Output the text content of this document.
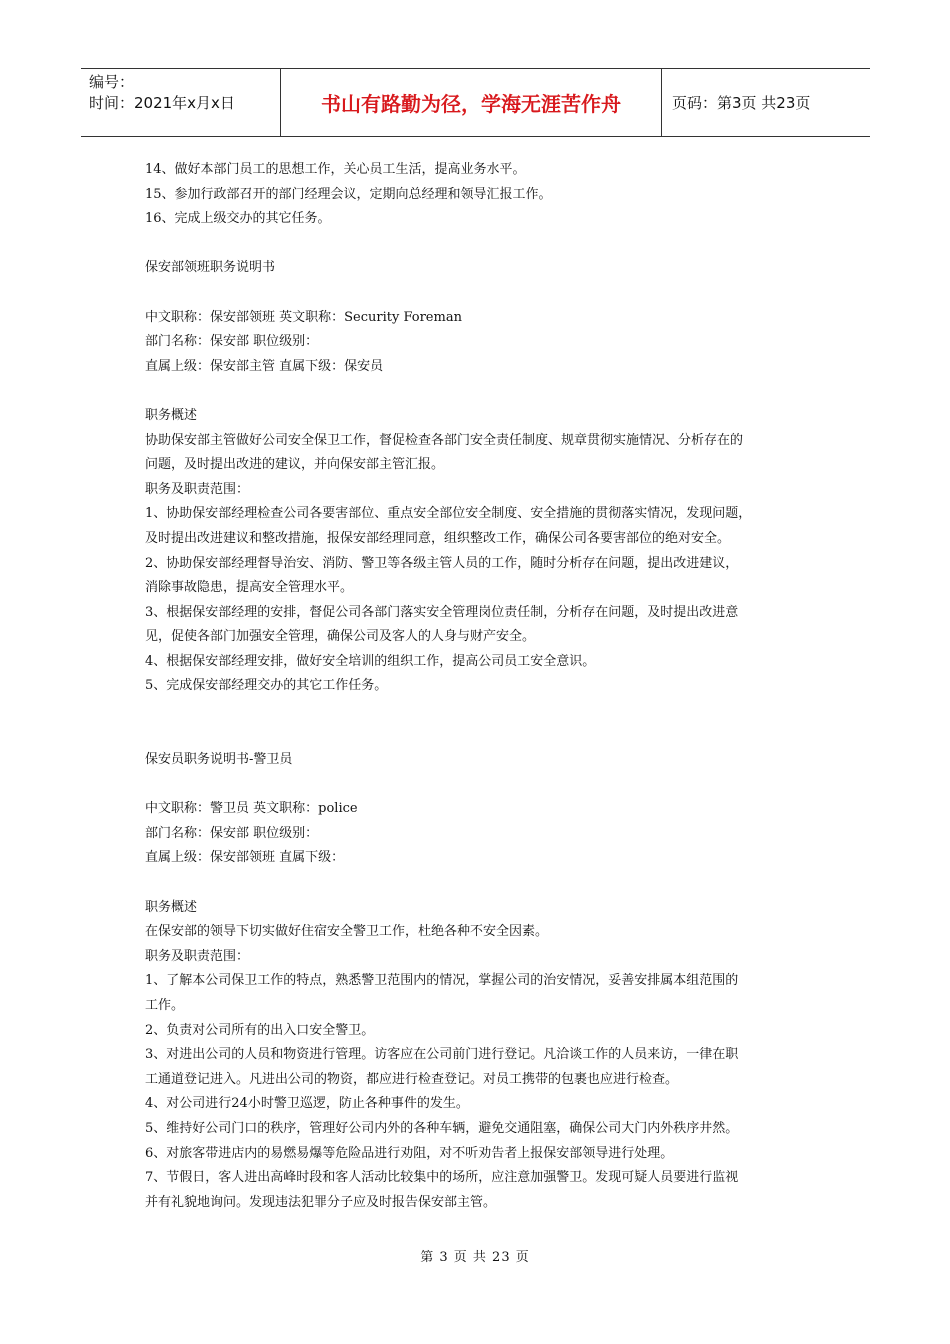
编号：
时间：2021年x月x日	书山有路勤为径，学海无涯苦作舟	页码：第3页 共23页

14、做好本部门员工的思想工作，关心员工生活，提高业务水平。

15、参加行政部召开的部门经理会议，定期向总经理和领导汇报工作。

16、完成上级交办的其它任务。

保安部领班职务说明书

中文职称：保安部领班 英文职称：Security Foreman

部门名称：保安部 职位级别：

直属上级：保安部主管 直属下级：保安员

职务概述

协助保安部主管做好公司安全保卫工作，督促检查各部门安全责任制度、规章贯彻实施情况、分析存在的

问题，及时提出改进的建议，并向保安部主管汇报。

职务及职责范围：

1、协助保安部经理检查公司各要害部位、重点安全部位安全制度、安全措施的贯彻落实情况，发现问题，

及时提出改进建议和整改措施，报保安部经理同意，组织整改工作，确保公司各要害部位的绝对安全。

2、协助保安部经理督导治安、消防、警卫等各级主管人员的工作，随时分析存在问题，提出改进建议，

消除事故隐患，提高安全管理水平。

3、根据保安部经理的安排，督促公司各部门落实安全管理岗位责任制，分析存在问题，及时提出改进意

见，促使各部门加强安全管理，确保公司及客人的人身与财产安全。

4、根据保安部经理安排，做好安全培训的组织工作，提高公司员工安全意识。

5、完成保安部经理交办的其它工作任务。

保安员职务说明书-警卫员

中文职称：警卫员 英文职称：police

部门名称：保安部 职位级别：

直属上级：保安部领班 直属下级：

职务概述

在保安部的领导下切实做好住宿安全警卫工作，杜绝各种不安全因素。

职务及职责范围：

1、了解本公司保卫工作的特点，熟悉警卫范围内的情况，掌握公司的治安情况，妥善安排属本组范围的

工作。

2、负责对公司所有的出入口安全警卫。

3、对进出公司的人员和物资进行管理。访客应在公司前门进行登记。凡洽谈工作的人员来访，一律在职

工通道登记进入。凡进出公司的物资，都应进行检查登记。对员工携带的包裹也应进行检查。

4、对公司进行24小时警卫巡逻，防止各种事件的发生。

5、维持好公司门口的秩序，管理好公司内外的各种车辆，避免交通阻塞，确保公司大门内外秩序井然。

6、对旅客带进店内的易燃易爆等危险品进行劝阻，对不听劝告者上报保安部领导进行处理。

7、节假日，客人进出高峰时段和客人活动比较集中的场所，应注意加强警卫。发现可疑人员要进行监视

并有礼貌地询问。发现违法犯罪分子应及时报告保安部主管。

第 3 页 共 23 页
